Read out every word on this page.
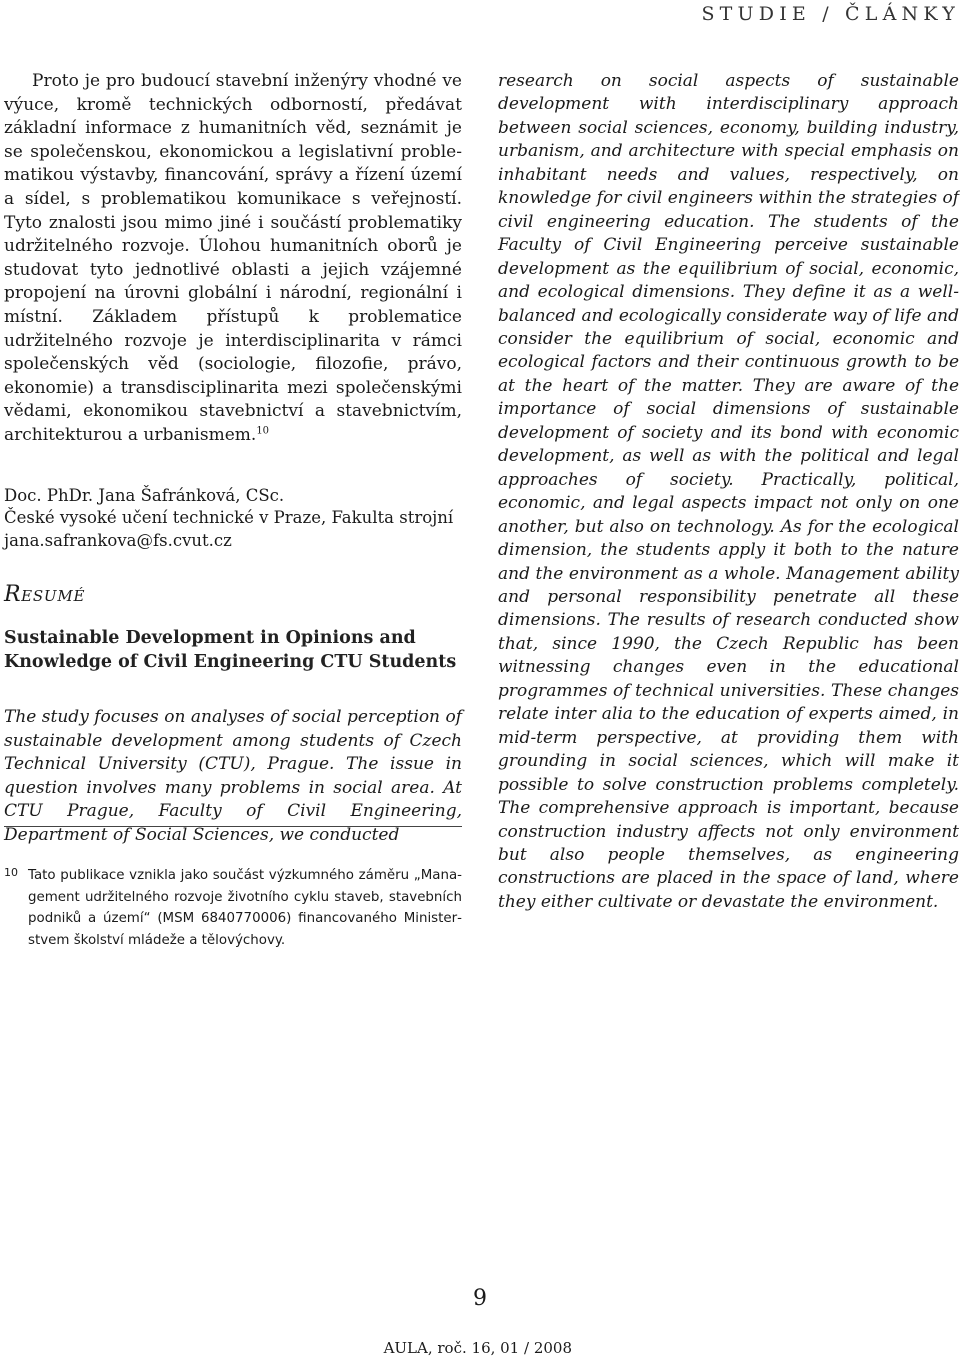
STUDIE / ČLÁNKY

Proto je pro budoucí stavební inženýry vhodné ve výuce, kromě technických odborností, předávat základní informace z humanitních věd, seznámit je se společenskou, ekonomickou a legislativní problematikou výstavby, financování, správy a řízení území a sídel, s problematikou komunikace s veřejností. Tyto znalosti jsou mimo jiné i součástí problematiky udržitelného rozvoje. Úlohou humanitních oborů je studovat tyto jednotlivé oblasti a jejich vzájemné propojení na úrovni globální i národní, regionální i místní. Základem přístupů k problematice udržitelného rozvoje je interdisciplinarita v rámci společenských věd (sociologie, filozofie, právo, ekonomie) a transdisciplinarita mezi společenskými vědami, ekonomikou stavebnictví a stavebnictvím, architekturou a urbanismem.$^{10}$

Doc. PhDr. Jana Šafránková, CSc.
České vysoké učení technické v Praze, Fakulta strojní
jana.safrankova@fs.cvut.cz
RESUMÉ
Sustainable Development in Opinions and Knowledge of Civil Engineering CTU Students

The study focuses on analyses of social perception of sustainable development among students of Czech Technical University (CTU), Prague. The issue in question involves many problems in social area. At CTU Prague, Faculty of Civil Engineering, Department of Social Sciences, we conducted

research on social aspects of sustainable development with interdisciplinary approach between social sciences, economy, building industry, urbanism, and architecture with special emphasis on inhabitant needs and values, respectively, on knowledge for civil engineers within the strategies of civil engineering education. The students of the Faculty of Civil Engineering perceive sustainable development as the equilibrium of social, economic, and ecological dimensions. They define it as a well-balanced and ecologically considerate way of life and consider the equilibrium of social, economic and ecological factors and their continuous growth to be at the heart of the matter. They are aware of the importance of social dimensions of sustainable development of society and its bond with economic development, as well as with the political and legal approaches of society. Practically, political, economic, and legal aspects impact not only on one another, but also on technology. As for the ecological dimension, the students apply it both to the nature and the environment as a whole. Management ability and personal responsibility penetrate all these dimensions. The results of research conducted show that, since 1990, the Czech Republic has been witnessing changes even in the educational programmes of technical universities. These changes relate inter alia to the education of experts aimed, in mid-term perspective, at providing them with grounding in social sciences, which will make it possible to solve construction problems completely. The comprehensive approach is important, because construction industry affects not only environment but also people themselves, as engineering constructions are placed in the space of land, where they either cultivate or devastate the environment.

10 Tato publikace vznikla jako součást výzkumného záměru „Management udržitelného rozvoje životního cyklu staveb, stavebních podniků a území“ (MSM 6840770006) financovaného Ministerstvem školství mládeže a tělovýchovy.
9
AULA, roč. 16, 01 / 2008
